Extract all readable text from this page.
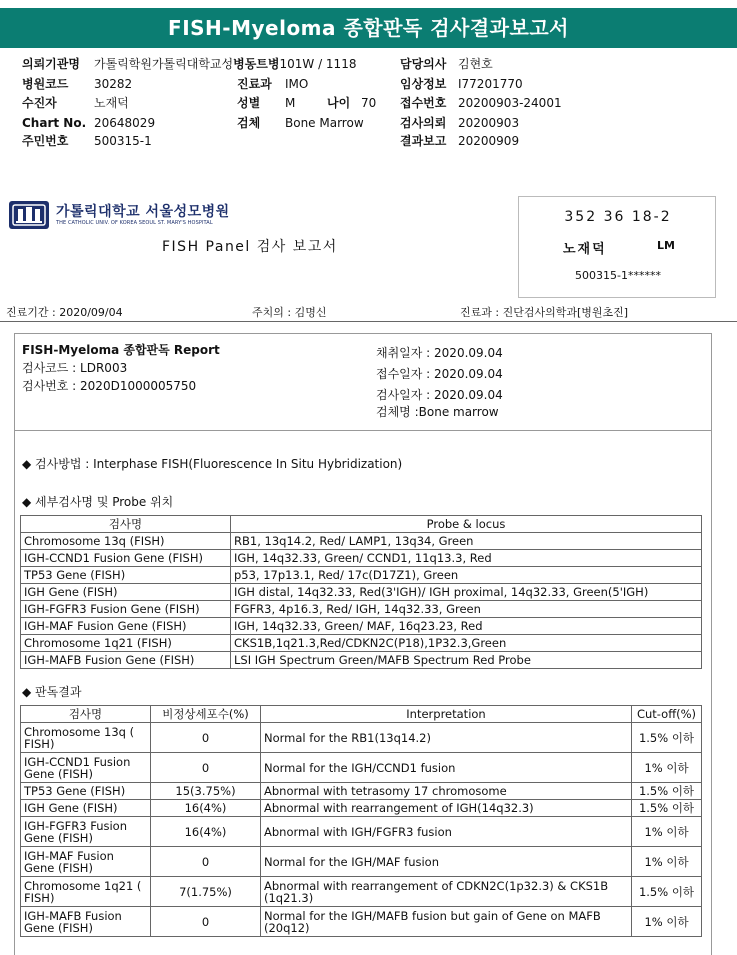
FISH-Myeloma 종합판독 검사결과보고서
의뢰기관명 가톨릭학원가톨릭대학교성병동트병101W / 1118	담당의사 김현호
병원코드 30282	진료과 IMO	임상정보 I77201770
수진자	노재덕	성별 M	나이 70 접수번호 20200903-24001
Chart No. 20648029	검체 Bone Marrow	검사의뢰 20200903
주민번호 500315-1	결과보고 20200909
가톨릭대학교 서울성모병원
THE CATHOLIC UNIV. OF KOREA SEOUL ST. MARY'S HOSPITAL
FISH Panel 검사 보고서
352 36 18-2
노재덕	LM
500315-1******
진료기간 : 2020/09/04	주치의 : 김명신	진료과 : 진단검사의학과[병원초진]
FISH-Myeloma 종합판독 Report
검사코드 : LDR003
검사번호 : 2020D1000005750
채취일자 : 2020.09.04
접수일자 : 2020.09.04
검사일자 : 2020.09.04
검체명 :Bone marrow
◆ 검사방법 : Interphase FISH(Fluorescence In Situ Hybridization)
◆ 세부검사명 및 Probe 위치
검사명	Probe & locus
Chromosome 13q (FISH)	RB1, 13q14.2, Red/ LAMP1, 13q34, Green
IGH-CCND1 Fusion Gene (FISH)	IGH, 14q32.33, Green/ CCND1, 11q13.3, Red
TP53 Gene (FISH)	p53, 17p13.1, Red/ 17c(D17Z1), Green
IGH Gene (FISH)	IGH distal, 14q32.33, Red(3'IGH)/ IGH proximal, 14q32.33, Green(5'IGH)
IGH-FGFR3 Fusion Gene (FISH)	FGFR3, 4p16.3, Red/ IGH, 14q32.33, Green
IGH-MAF Fusion Gene (FISH)	IGH, 14q32.33, Green/ MAF, 16q23.23, Red
Chromosome 1q21 (FISH)	CKS1B,1q21.3,Red/CDKN2C(P18),1P32.3,Green
IGH-MAFB Fusion Gene (FISH)	LSI IGH Spectrum Green/MAFB Spectrum Red Probe
◆ 판독결과
검사명	비정상세포수(%)	Interpretation	Cut-off(%)
Chromosome 13q ( FISH)	0	Normal for the RB1(13q14.2)	1.5% 이하
IGH-CCND1 Fusion Gene (FISH)	0	Normal for the IGH/CCND1 fusion	1% 이하
TP53 Gene (FISH)	15(3.75%)	Abnormal with tetrasomy 17 chromosome	1.5% 이하
IGH Gene (FISH)	16(4%)	Abnormal with rearrangement of IGH(14q32.3)	1.5% 이하
IGH-FGFR3 Fusion Gene (FISH)	16(4%)	Abnormal with IGH/FGFR3 fusion	1% 이하
IGH-MAF Fusion Gene (FISH)	0	Normal for the IGH/MAF fusion	1% 이하
Chromosome 1q21 ( FISH)	7(1.75%)	Abnormal with rearrangement of CDKN2C(1p32.3) & CKS1B (1q21.3)	1.5% 이하
IGH-MAFB Fusion Gene (FISH)	0	Normal for the IGH/MAFB fusion but gain of Gene on MAFB (20q12)	1% 이하
